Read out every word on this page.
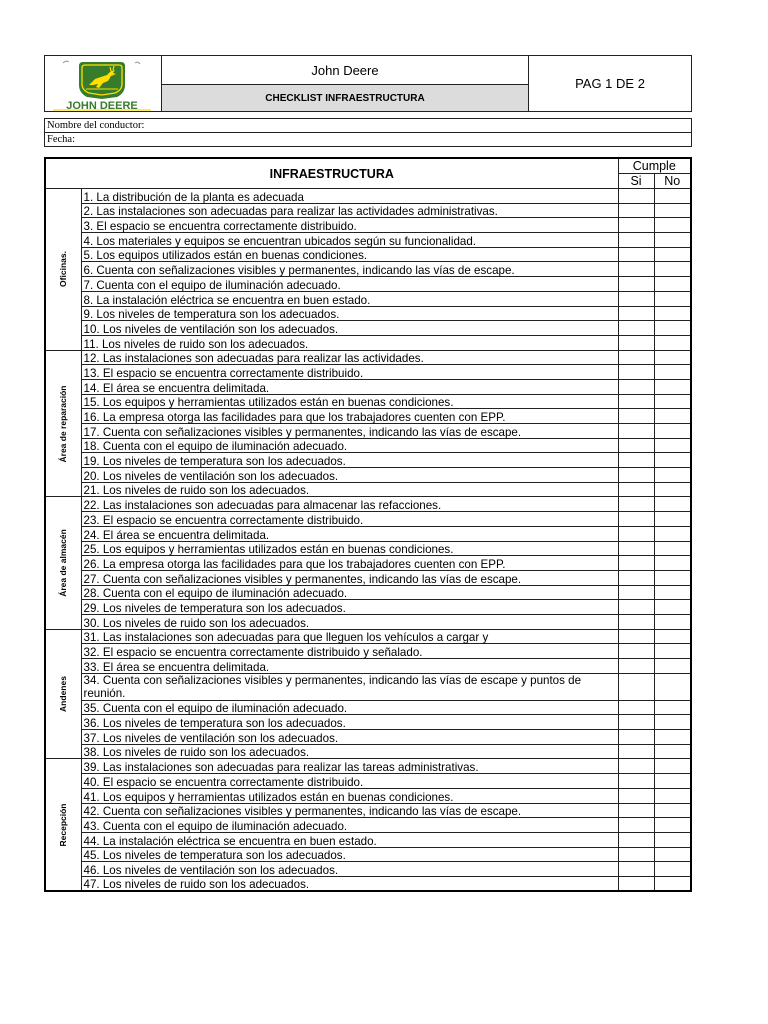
JOHN DEERE
	John Deere	PAG 1 DE 2
CHECKLIST INFRAESTRUCTURA
Nombre del conductor:
Fecha:
INFRAESTRUCTURA		Cumple	
		Si	No

Oficinas.	1. La distribución de la planta es adecuada		
	2. Las instalaciones son adecuadas para realizar las actividades administrativas.		
	3. El espacio se encuentra correctamente distribuido.		
	4. Los materiales y equipos se encuentran ubicados según su funcionalidad.		
	5. Los equipos utilizados están en buenas condiciones.		
	6. Cuenta con señalizaciones visibles y permanentes, indicando las vías de escape.		
	7. Cuenta con el equipo de iluminación adecuado.		
	8. La instalación eléctrica se encuentra en buen estado.		
	9. Los niveles de temperatura son los adecuados.		
	10. Los niveles de ventilación son los adecuados.		
	11. Los niveles de ruido son los adecuados.		

Área de reparación	12. Las instalaciones son adecuadas para realizar las actividades.		
	13. El espacio se encuentra correctamente distribuido.		
	14. El área se encuentra delimitada.		
	15. Los equipos y herramientas utilizados están en buenas condiciones.		
	16. La empresa otorga las facilidades para que los trabajadores cuenten con EPP.		
	17. Cuenta con señalizaciones visibles y permanentes, indicando las vías de escape.		
	18. Cuenta con el equipo de iluminación adecuado.		
	19. Los niveles de temperatura son los adecuados.		
	20. Los niveles de ventilación son los adecuados.		
	21. Los niveles de ruido son los adecuados.		

Área de almacén	22. Las instalaciones son adecuadas para almacenar las refacciones.		
	23. El espacio se encuentra correctamente distribuido.		
	24. El área se encuentra delimitada.		
	25. Los equipos y herramientas utilizados están en buenas condiciones.		
	26. La empresa otorga las facilidades para que los trabajadores cuenten con EPP.		
	27. Cuenta con señalizaciones visibles y permanentes, indicando las vías de escape.		
	28. Cuenta con el equipo de iluminación adecuado.		
	29. Los niveles de temperatura son los adecuados.		
	30. Los niveles de ruido son los adecuados.		

Andenes	31. Las instalaciones son adecuadas para que lleguen los vehículos a cargar y		
	32. El espacio se encuentra correctamente distribuido y señalado.		
	33. El área se encuentra delimitada.		
	34. Cuenta con señalizaciones visibles y permanentes, indicando las vías de escape y puntos de reunión.		
	35. Cuenta con el equipo de iluminación adecuado.		
	36. Los niveles de temperatura son los adecuados.		
	37. Los niveles de ventilación son los adecuados.		
	38. Los niveles de ruido son los adecuados.		

Recepción	39. Las instalaciones son adecuadas para realizar las tareas administrativas.		
	40. El espacio se encuentra correctamente distribuido.		
	41. Los equipos y herramientas utilizados están en buenas condiciones.		
	42. Cuenta con señalizaciones visibles y permanentes, indicando las vías de escape.		
	43. Cuenta con el equipo de iluminación adecuado.		
	44. La instalación eléctrica se encuentra en buen estado.		
	45. Los niveles de temperatura son los adecuados.		
	46. Los niveles de ventilación son los adecuados.		
	47. Los niveles de ruido son los adecuados.		
